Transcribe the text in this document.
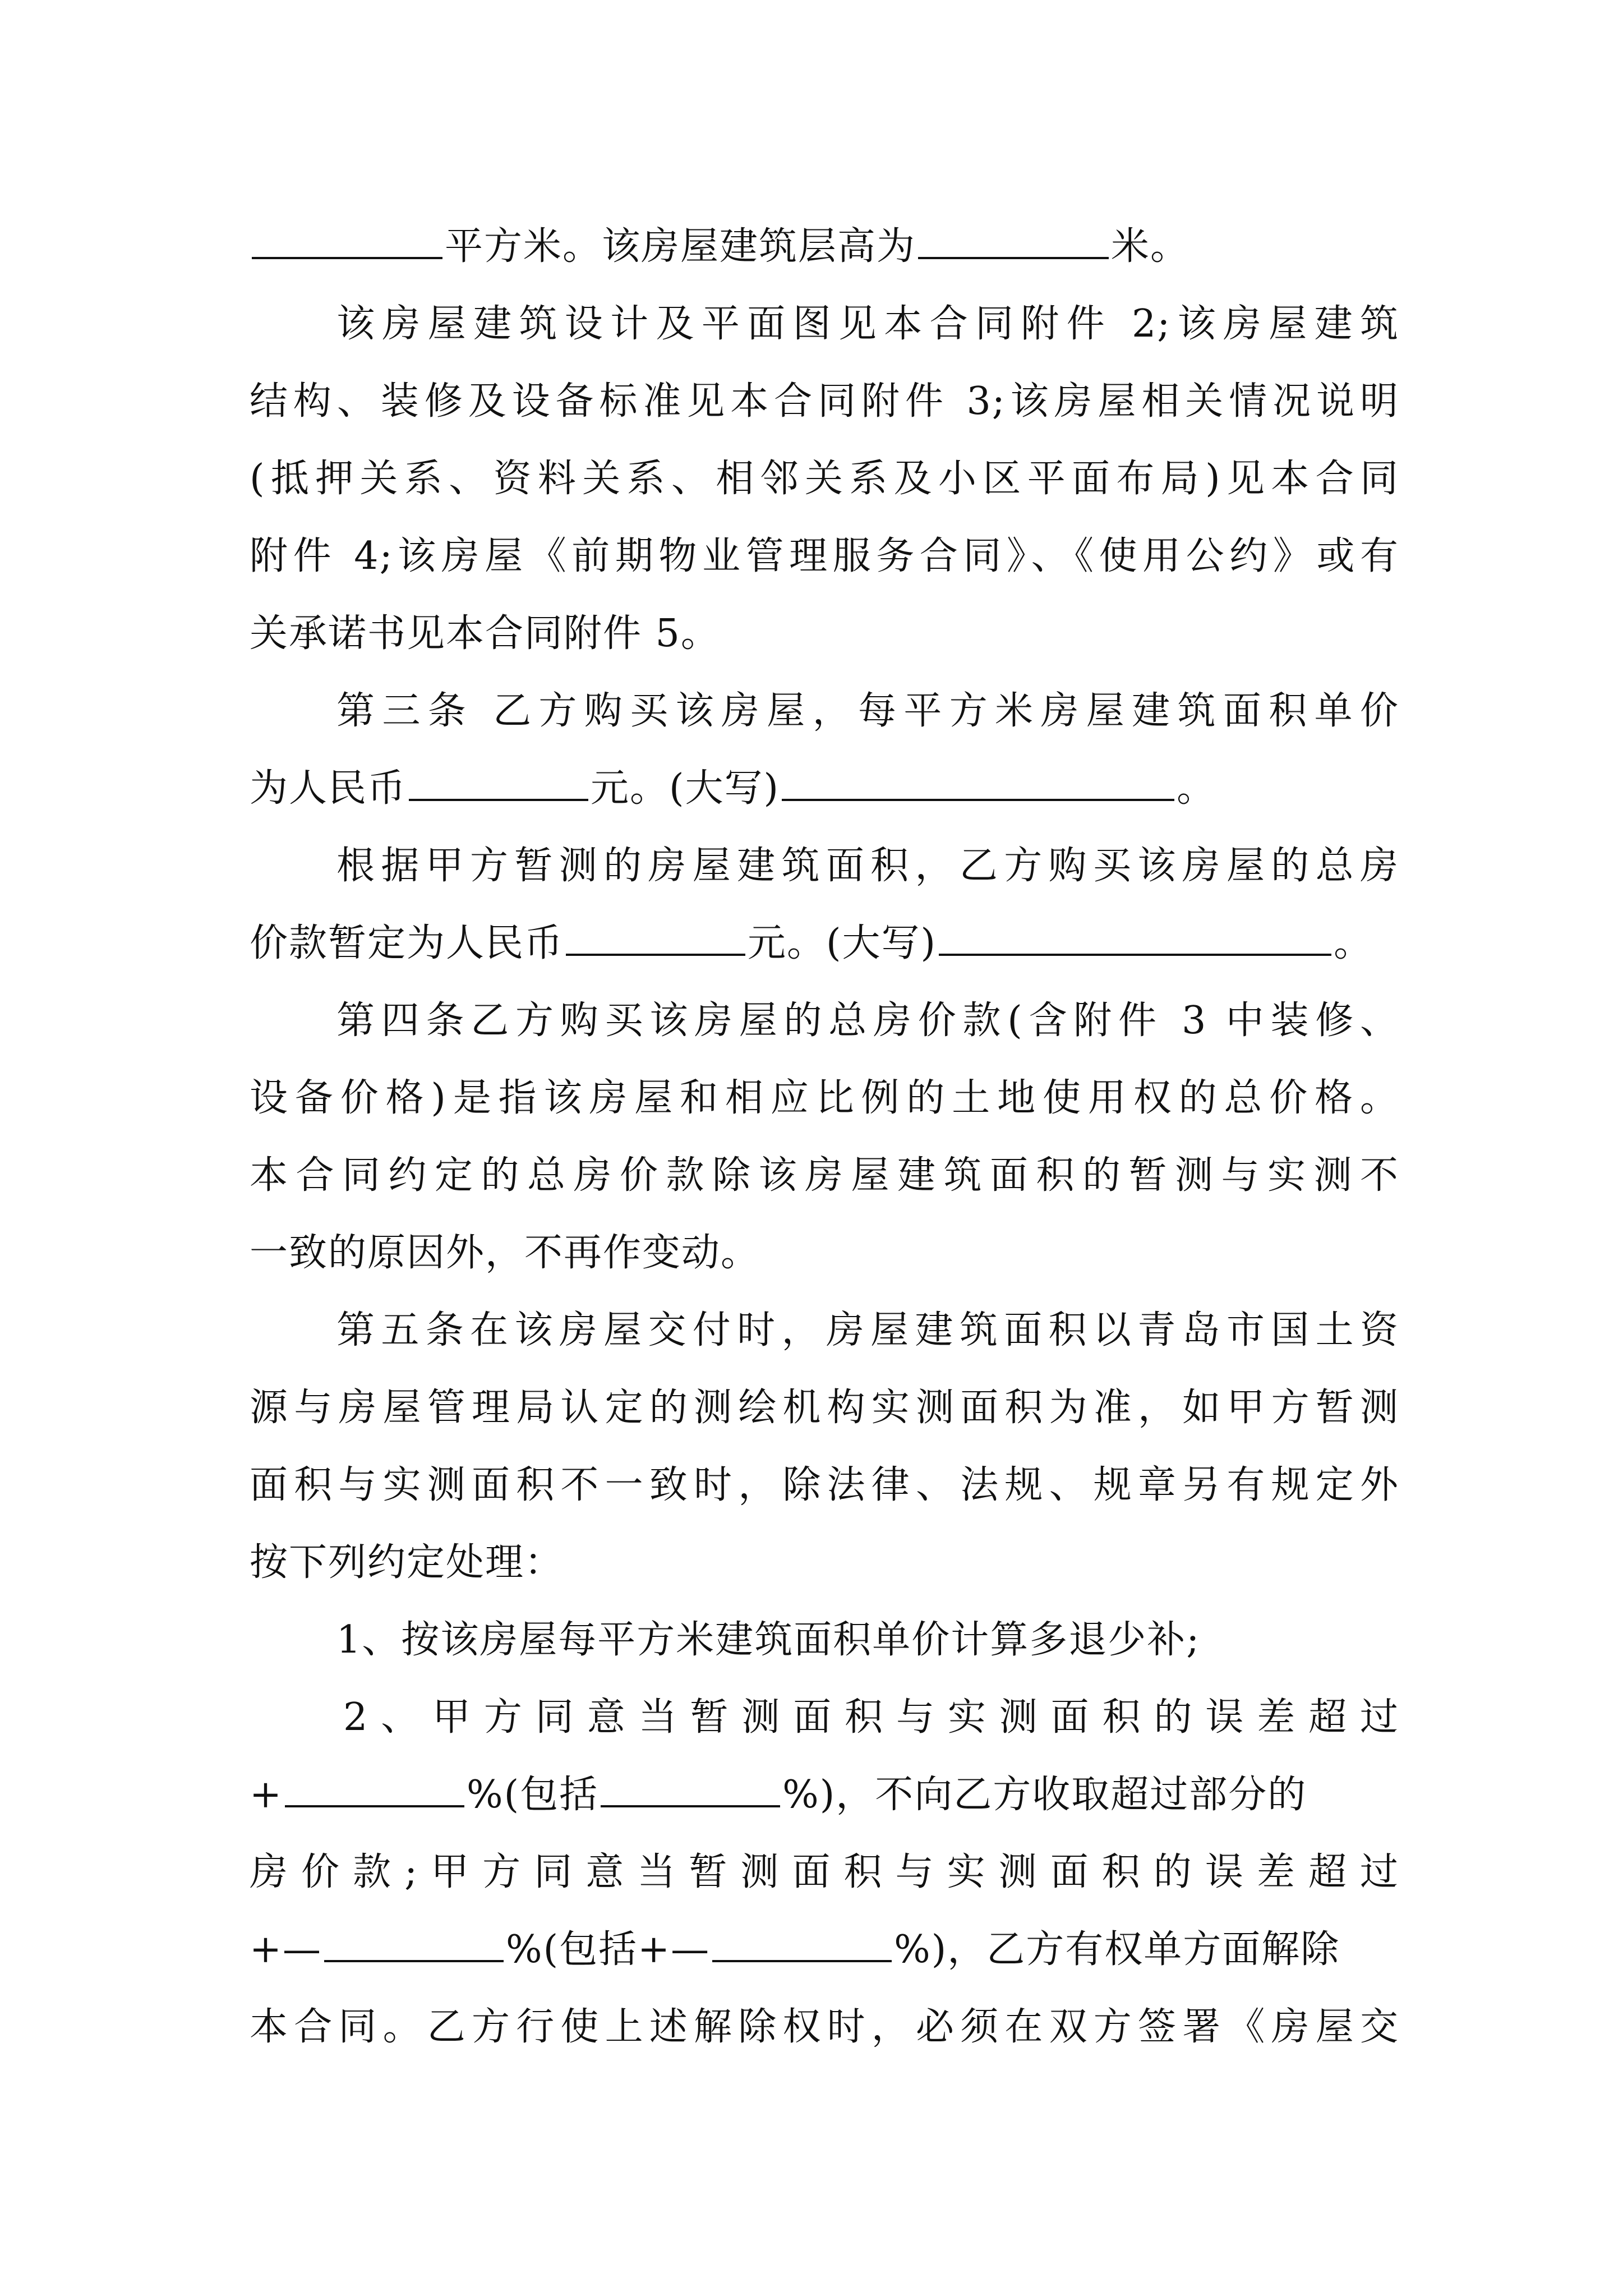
平方米。该房屋建筑层高为	米。
该房屋建筑设计及平面图见本合同附件 2;该房屋建筑
结构、装修及设备标准见本合同附件 3;该房屋相关情况说明
(抵押关系、资料关系、相邻关系及小区平面布局)见本合同
附件 4;该房屋《前期物业管理服务合同》、《使用公约》或有
关承诺书见本合同附件 5。
第三条 乙方购买该房屋，每平方米房屋建筑面积单价
为人民币	元。(大写)	。
根据甲方暂测的房屋建筑面积，乙方购买该房屋的总房
价款暂定为人民币	元。(大写)	。
第四条乙方购买该房屋的总房价款(含附件 3 中装修、
设备价格)是指该房屋和相应比例的土地使用权的总价格。
本合同约定的总房价款除该房屋建筑面积的暂测与实测不
一致的原因外，不再作变动。
第五条在该房屋交付时，房屋建筑面积以青岛市国土资
源与房屋管理局认定的测绘机构实测面积为准，如甲方暂测
面积与实测面积不一致时，除法律、法规、规章另有规定外
按下列约定处理：
1、按该房屋每平方米建筑面积单价计算多退少补;
2、甲方同意当暂测面积与实测面积的误差超过
+	%(包括	%)，不向乙方收取超过部分的
房价款;甲方同意当暂测面积与实测面积的误差超过
+—	%(包括+—	%)，乙方有权单方面解除
本合同。乙方行使上述解除权时，必须在双方签署《房屋交
